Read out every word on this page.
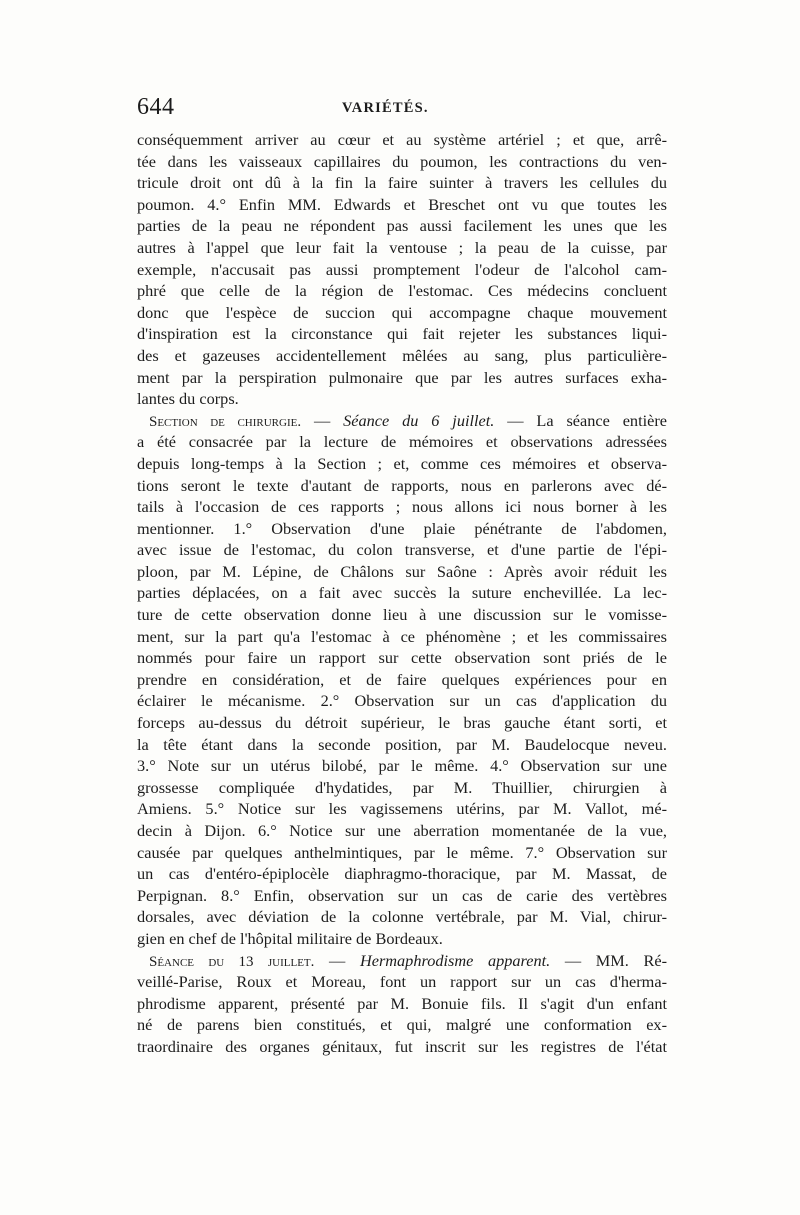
644	VARIÉTÉS.
conséquemment arriver au cœur et au système artériel ; et que, arrê-
tée dans les vaisseaux capillaires du poumon, les contractions du ven-
tricule droit ont dû à la fin la faire suinter à travers les cellules du
poumon. 4.° Enfin MM. Edwards et Breschet ont vu que toutes les
parties de la peau ne répondent pas aussi facilement les unes que les
autres à l'appel que leur fait la ventouse ; la peau de la cuisse, par
exemple, n'accusait pas aussi promptement l'odeur de l'alcohol cam-
phré que celle de la région de l'estomac. Ces médecins concluent
donc que l'espèce de succion qui accompagne chaque mouvement
d'inspiration est la circonstance qui fait rejeter les substances liqui-
des et gazeuses accidentellement mêlées au sang, plus particulière-
ment par la perspiration pulmonaire que par les autres surfaces exha-
lantes du corps.
Section de chirurgie. — Séance du 6 juillet. — La séance entière
a été consacrée par la lecture de mémoires et observations adressées
depuis long-temps à la Section ; et, comme ces mémoires et observa-
tions seront le texte d'autant de rapports, nous en parlerons avec dé-
tails à l'occasion de ces rapports ; nous allons ici nous borner à les
mentionner. 1.° Observation d'une plaie pénétrante de l'abdomen,
avec issue de l'estomac, du colon transverse, et d'une partie de l'épi-
ploon, par M. Lépine, de Châlons sur Saône : Après avoir réduit les
parties déplacées, on a fait avec succès la suture enchevillée. La lec-
ture de cette observation donne lieu à une discussion sur le vomisse-
ment, sur la part qu'a l'estomac à ce phénomène ; et les commissaires
nommés pour faire un rapport sur cette observation sont priés de le
prendre en considération, et de faire quelques expériences pour en
éclairer le mécanisme. 2.° Observation sur un cas d'application du
forceps au-dessus du détroit supérieur, le bras gauche étant sorti, et
la tête étant dans la seconde position, par M. Baudelocque neveu.
3.° Note sur un utérus bilobé, par le même. 4.° Observation sur une
grossesse compliquée d'hydatides, par M. Thuillier, chirurgien à
Amiens. 5.° Notice sur les vagissemens utérins, par M. Vallot, mé-
decin à Dijon. 6.° Notice sur une aberration momentanée de la vue,
causée par quelques anthelmintiques, par le même. 7.° Observation sur
un cas d'entéro-épiplocèle diaphragmo-thoracique, par M. Massat, de
Perpignan. 8.° Enfin, observation sur un cas de carie des vertèbres
dorsales, avec déviation de la colonne vertébrale, par M. Vial, chirur-
gien en chef de l'hôpital militaire de Bordeaux.
Séance du 13 juillet. — Hermaphrodisme apparent. — MM. Ré-
veillé-Parise, Roux et Moreau, font un rapport sur un cas d'herma-
phrodisme apparent, présenté par M. Bonuie fils. Il s'agit d'un enfant
né de parens bien constitués, et qui, malgré une conformation ex-
traordinaire des organes génitaux, fut inscrit sur les registres de l'état
